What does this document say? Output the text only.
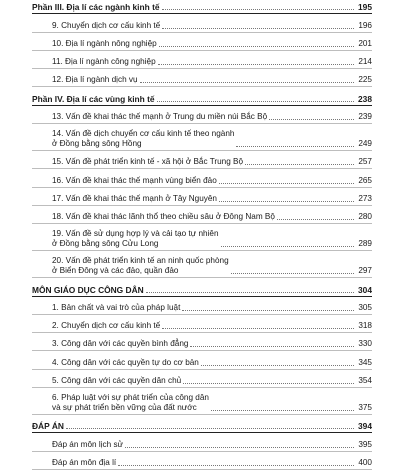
Phần III. Địa lí các ngành kinh tế	195
9. Chuyển dịch cơ cấu kinh tế	196
10. Địa lí ngành nông nghiệp	201
11. Địa lí ngành công nghiệp	214
12. Địa lí ngành dịch vụ	225
Phần IV. Địa lí các vùng kinh tế	238
13. Vấn đề khai thác thế mạnh ở Trung du miền núi Bắc Bộ	239
14. Vấn đề dịch chuyển cơ cấu kinh tế theo ngành
ở Đồng bằng sông Hồng	249
15. Vấn đề phát triển kinh tế - xã hội ở Bắc Trung Bộ	257
16. Vấn đề khai thác thế mạnh vùng biển đảo	265
17. Vấn đề khai thác thế mạnh ở Tây Nguyên	273
18. Vấn đề khai thác lãnh thổ theo chiều sâu ở Đông Nam Bộ	280
19. Vấn đề sử dụng hợp lý và cải tạo tự nhiên
ở Đồng bằng sông Cửu Long	289
20. Vấn đề phát triển kinh tế an ninh quốc phòng
ở Biển Đông và các đảo, quần đảo	297
MÔN GIÁO DỤC CÔNG DÂN	304
1. Bản chất và vai trò của pháp luật	305
2. Chuyển dịch cơ cấu kinh tế	318
3. Công dân với các quyền bình đẳng	330
4. Công dân với các quyền tự do cơ bản	345
5. Công dân với các quyền dân chủ	354
6. Pháp luật với sự phát triển của công dân
và sự phát triển bền vững của đất nước	375
ĐÁP ÁN	394
Đáp án môn lịch sử	395
Đáp án môn địa lí	400
